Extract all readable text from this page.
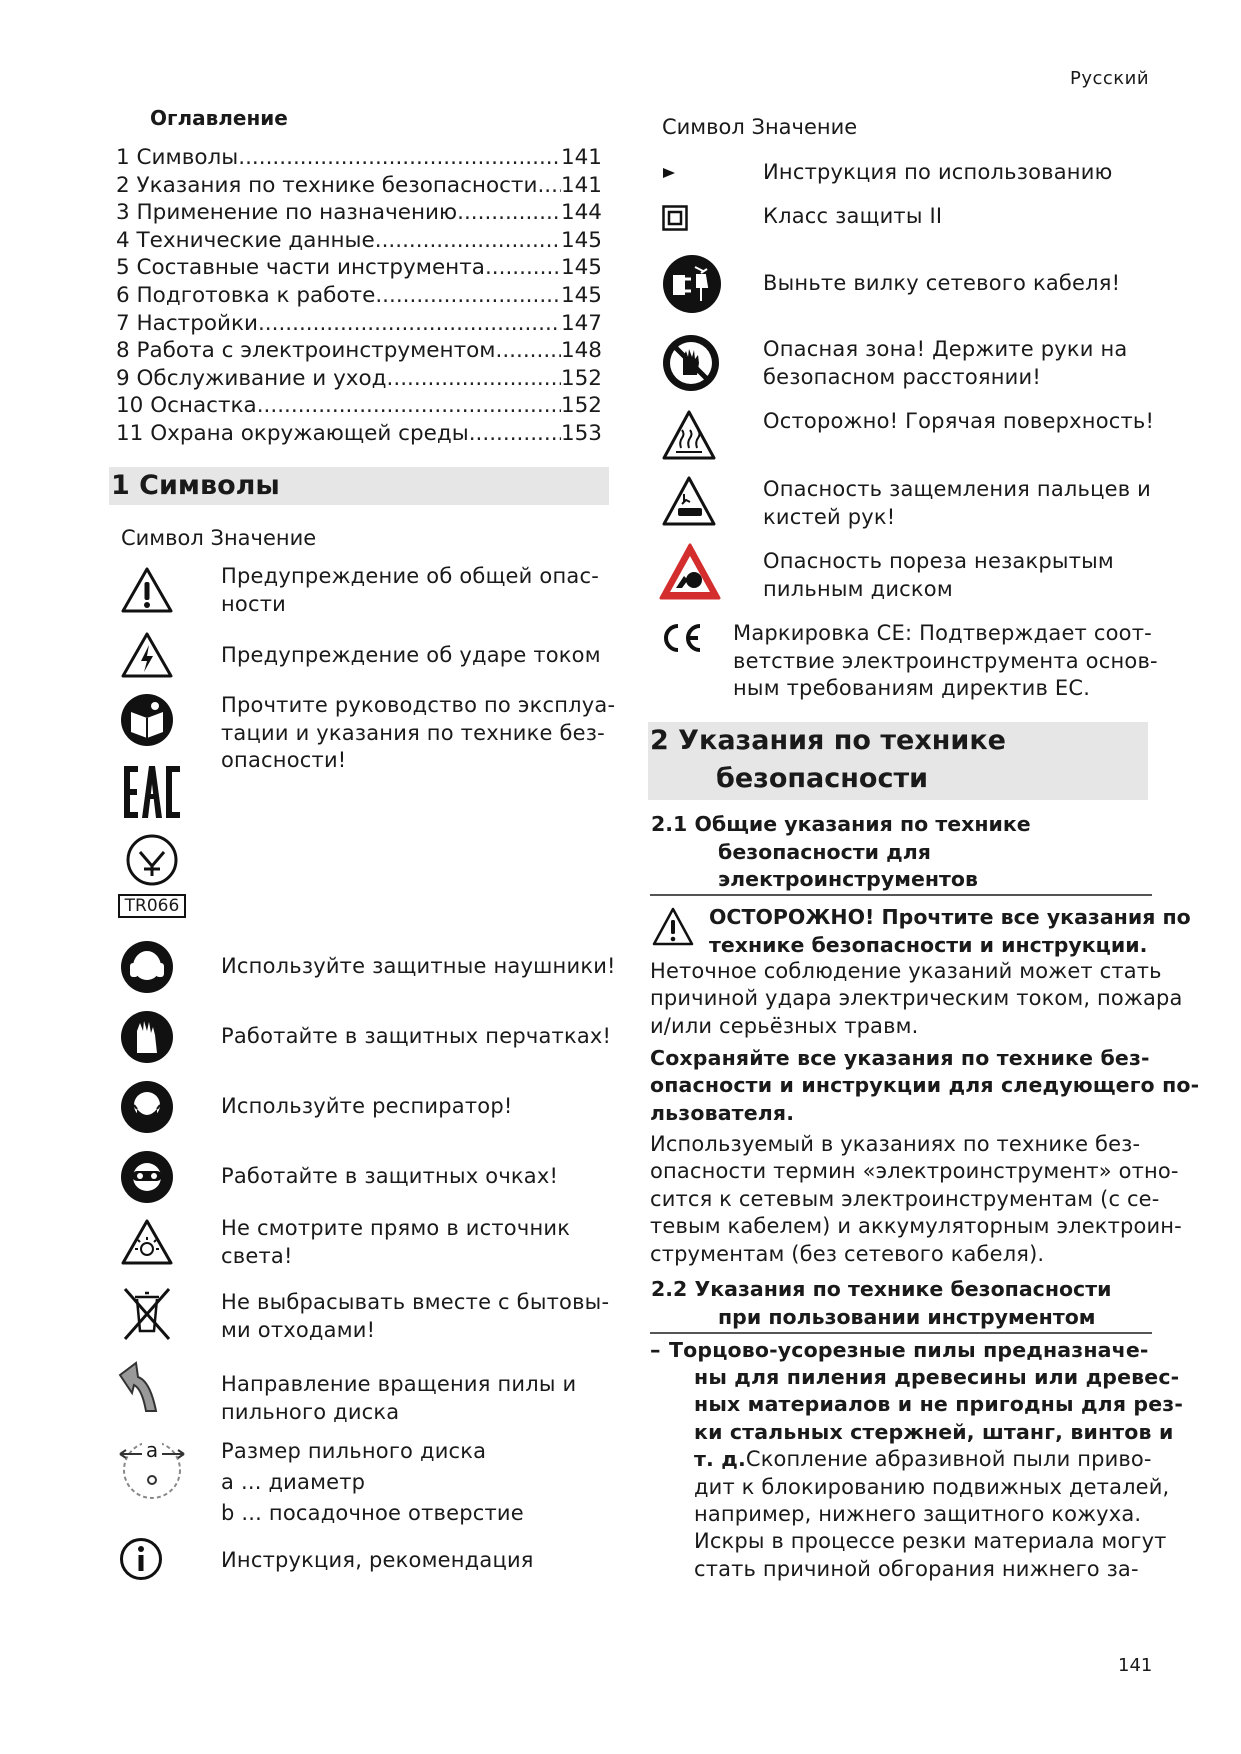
Русский
141
Оглавление
1 Символы .....	141
2 Указания по технике безопасности ..... 141
3 Применение по назначению .....	144
4 Технические данные .....	145
5 Составные части инструмента .....	145
6 Подготовка к работе .....	145
7 Настройки .....	147
8 Работа с электроинструментом .....	148
9 Обслуживание и уход .....	152
10 Оснастка .....	152
11 Охрана окружающей среды .....	153
1 Символы
Символ Значение
Предупреждение об общей опас-
ности
Предупреждение об ударе током
Прочтите руководство по эксплуа-
тации и указания по технике без-
опасности!
TR066
Используйте защитные наушники!
Работайте в защитных перчатках!
Используйте респиратор!
Работайте в защитных очках!
Не смотрите прямо в источник
света!
Не выбрасывать вместе с бытовы-
ми отходами!
Направление вращения пилы и
пильного диска
a	Размер пильного диска
а ... диаметр
b ... посадочное отверстие
Инструкция, рекомендация
Символ Значение
Инструкция по использованию
Класс защиты II
Выньте вилку сетевого кабеля!
Опасная зона! Держите руки на
безопасном расстоянии!
Осторожно! Горячая поверхность!
Опасность защемления пальцев и
кистей рук!
Опасность пореза незакрытым
пильным диском
Маркировка CE: Подтверждает соот-
ветствие электроинструмента основ-
ным требованиям директив ЕС.
2 Указания по технике
безопасности
2.1 Общие указания по технике
безопасности для
электроинструментов
ОСТОРОЖНО! Прочтите все указания по
технике безопасности и инструкции.
Неточное соблюдение указаний может стать
причиной удара электрическим током, пожара
и/или серьёзных травм.
Сохраняйте все указания по технике без-
опасности и инструкции для следующего по-
льзователя.
Используемый в указаниях по технике без-
опасности термин «электроинструмент» отно-
сится к сетевым электроинструментам (с се-
тевым кабелем) и аккумуляторным электроин-
струментам (без сетевого кабеля).
2.2 Указания по технике безопасности
при пользовании инструментом
– Торцово-усорезные пилы предназначе-
ны для пиления древесины или древес-
ных материалов и не пригодны для рез-
ки стальных стержней, штанг, винтов и
т. д.Скопление абразивной пыли приво-
дит к блокированию подвижных деталей,
например, нижнего защитного кожуха.
Искры в процессе резки материала могут
стать причиной обгорания нижнего за-
